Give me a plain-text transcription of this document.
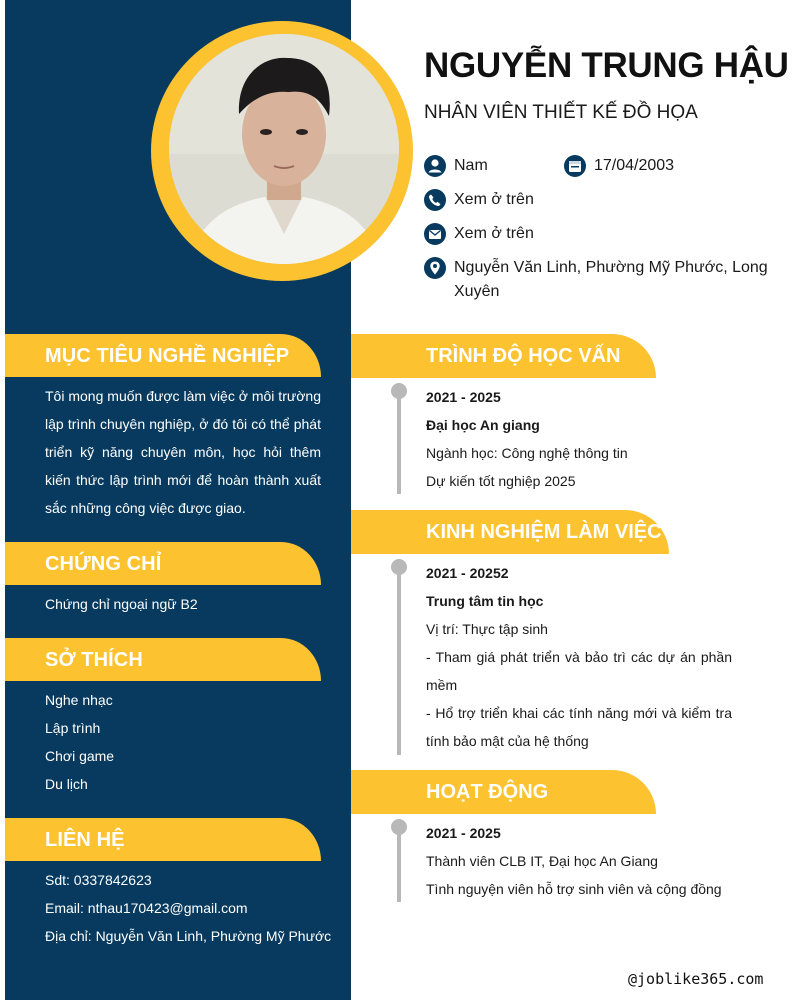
NGUYỄN TRUNG HẬU
NHÂN VIÊN THIẾT KẾ ĐỒ HỌA
Nam	17/04/2003
Xem ở trên
Xem ở trên
Nguyễn Văn Linh, Phường Mỹ Phước, Long Xuyên
MỤC TIÊU NGHỀ NGHIỆP
Tôi mong muốn được làm việc ở môi trường lập trình chuyên nghiệp, ở đó tôi có thể phát triển kỹ năng chuyên môn, học hỏi thêm kiến thức lập trình mới để hoàn thành xuất sắc những công việc được giao.
CHỨNG CHỈ
Chứng chỉ ngoại ngữ B2
SỞ THÍCH
Nghe nhạc
Lập trình
Chơi game
Du lịch
LIÊN HỆ
Sdt: 0337842623
Email: nthau170423@gmail.com
Địa chỉ: Nguyễn Văn Linh, Phường Mỹ Phước
TRÌNH ĐỘ HỌC VẤN
2021 - 2025
Đại học An giang
Ngành học: Công nghệ thông tin
Dự kiến tốt nghiệp 2025
KINH NGHIỆM LÀM VIỆC
2021 - 20252
Trung tâm tin học
Vị trí: Thực tập sinh
- Tham giá phát triển và bảo trì các dự án phần mềm
- Hổ trợ triển khai các tính năng mới và kiểm tra tính bảo mật của hệ thống
HOẠT ĐỘNG
2021 - 2025
Thành viên CLB IT, Đại học An Giang
Tình nguyện viên hỗ trợ sinh viên và cộng đồng
@joblike365.com
